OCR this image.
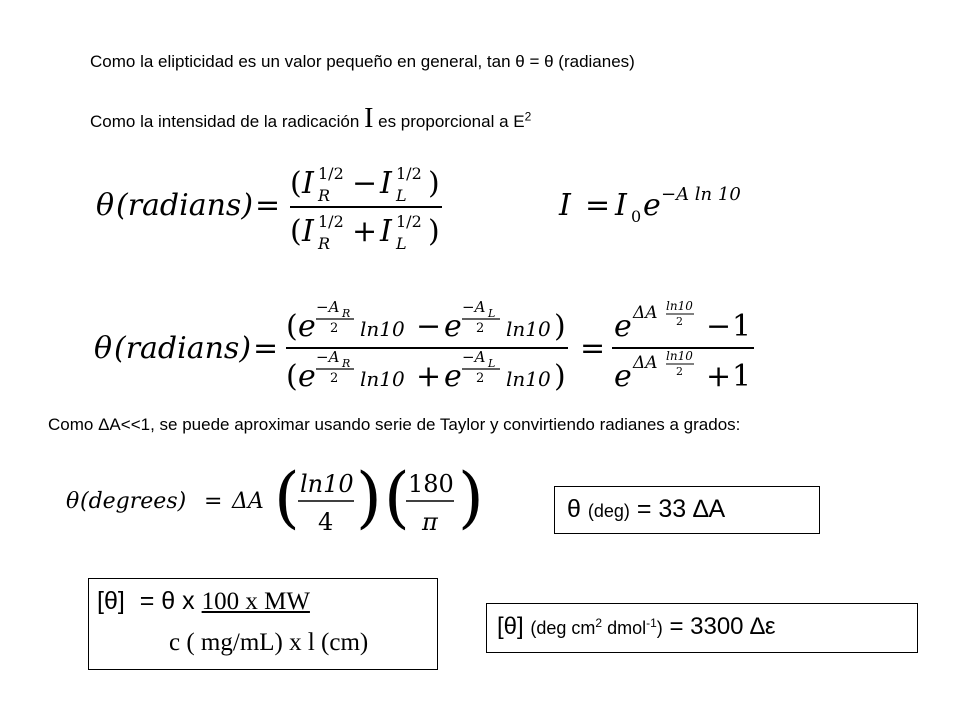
Como la elipticidad es un valor pequeño en general, tan θ = θ (radianes)
Como la intensidad de la radicación I es proporcional a $E^2$
Como ΔA<<1, se puede aproximar usando serie de Taylor y convirtiendo radianes a grados:
θ (radians) =
( I R
1/2 − I L
1/2 )
( I R
1/2 + I L
1/2 )
I = I 0 e −A ln 10
θ (radians) =
( e
−A R
2 ln10 − e
−A L
2 ln10 )
( e
−A R
2 ln10 + e
−A L
2 ln10 )
=
e ΔA ln10
2 − 1
e ΔA ln10
2 + 1
θ (degrees) = ΔA ( ln10
4 ) (
180
π )	θ (deg) = 33 ∆A
[θ] = θ x 100 x MW
c ( mg/mL) x l (cm)
[θ] (deg $cm^2$ dmol$^{-1}$) = 3300 ∆ε
